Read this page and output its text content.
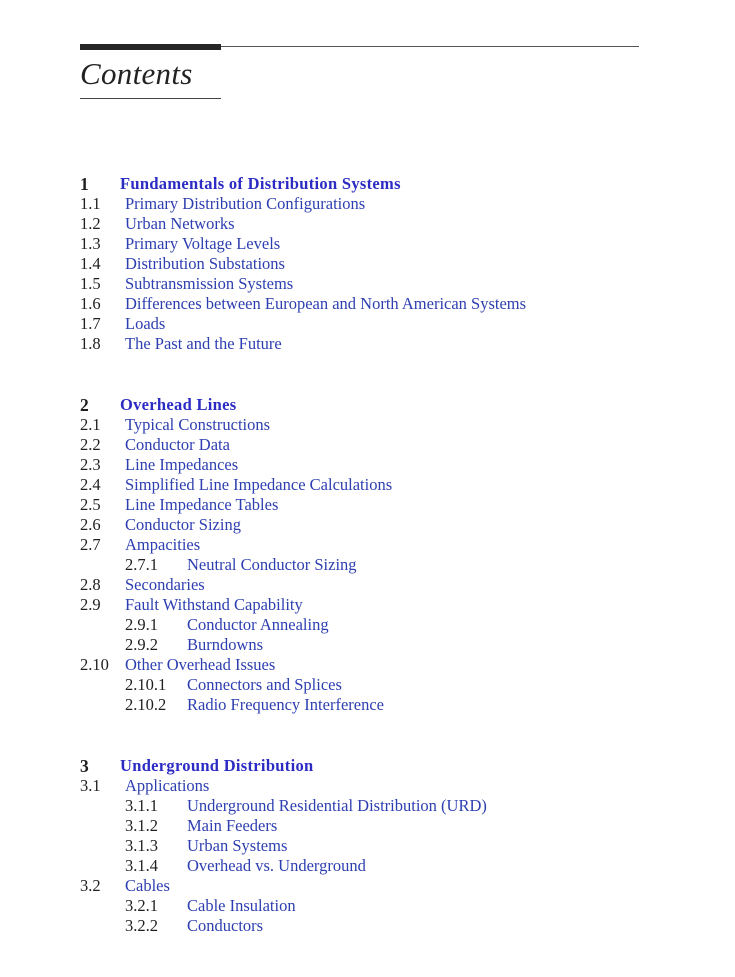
Contents
1 Fundamentals of Distribution Systems
1.1 Primary Distribution Configurations
1.2 Urban Networks
1.3 Primary Voltage Levels
1.4 Distribution Substations
1.5 Subtransmission Systems
1.6 Differences between European and North American Systems
1.7 Loads
1.8 The Past and the Future
2 Overhead Lines
2.1 Typical Constructions
2.2 Conductor Data
2.3 Line Impedances
2.4 Simplified Line Impedance Calculations
2.5 Line Impedance Tables
2.6 Conductor Sizing
2.7 Ampacities
2.7.1 Neutral Conductor Sizing
2.8 Secondaries
2.9 Fault Withstand Capability
2.9.1 Conductor Annealing
2.9.2 Burndowns
2.10 Other Overhead Issues
2.10.1 Connectors and Splices
2.10.2 Radio Frequency Interference
3 Underground Distribution
3.1 Applications
3.1.1 Underground Residential Distribution (URD)
3.1.2 Main Feeders
3.1.3 Urban Systems
3.1.4 Overhead vs. Underground
3.2 Cables
3.2.1 Cable Insulation
3.2.2 Conductors
